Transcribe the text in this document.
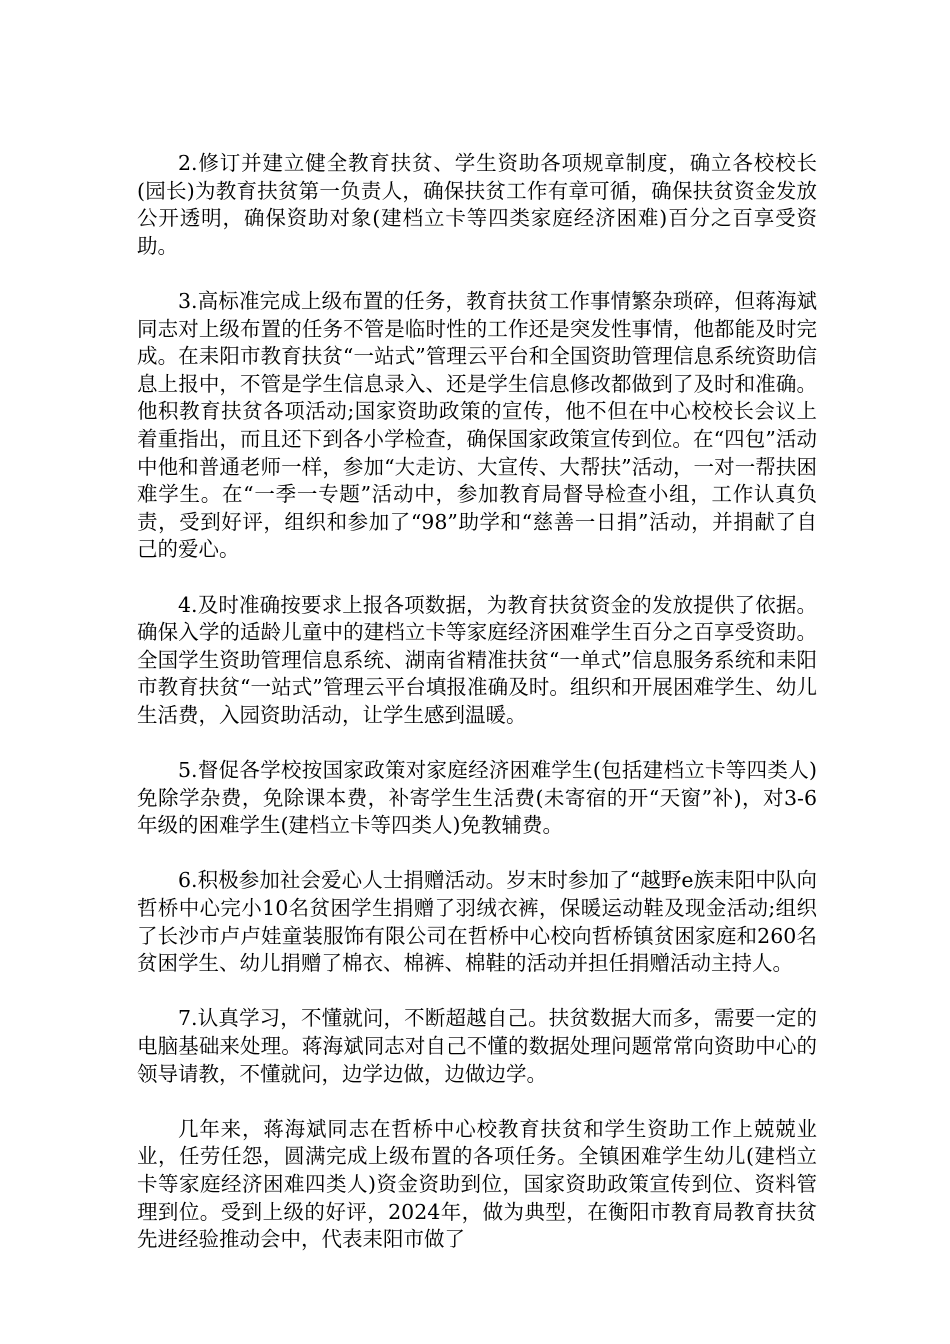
2.修订并建立健全教育扶贫、学生资助各项规章制度，确立各校校长(园长)为教育扶贫第一负责人，确保扶贫工作有章可循，确保扶贫资金发放公开透明，确保资助对象(建档立卡等四类家庭经济困难)百分之百享受资助。

3.高标准完成上级布置的任务，教育扶贫工作事情繁杂琐碎，但蒋海斌同志对上级布置的任务不管是临时性的工作还是突发性事情，他都能及时完成。在耒阳市教育扶贫“一站式”管理云平台和全国资助管理信息系统资助信息上报中，不管是学生信息录入、还是学生信息修改都做到了及时和准确。他积教育扶贫各项活动;国家资助政策的宣传，他不但在中心校校长会议上着重指出，而且还下到各小学检查，确保国家政策宣传到位。在“四包”活动中他和普通老师一样，参加“大走访、大宣传、大帮扶”活动，一对一帮扶困难学生。在“一季一专题”活动中，参加教育局督导检查小组，工作认真负责，受到好评，组织和参加了“98”助学和“慈善一日捐”活动，并捐献了自己的爱心。

4.及时准确按要求上报各项数据，为教育扶贫资金的发放提供了依据。确保入学的适龄儿童中的建档立卡等家庭经济困难学生百分之百享受资助。全国学生资助管理信息系统、湖南省精准扶贫“一单式”信息服务系统和耒阳市教育扶贫“一站式”管理云平台填报准确及时。组织和开展困难学生、幼儿生活费，入园资助活动，让学生感到温暖。

5.督促各学校按国家政策对家庭经济困难学生(包括建档立卡等四类人)免除学杂费，免除课本费，补寄学生生活费(未寄宿的开“天窗”补)，对3-6年级的困难学生(建档立卡等四类人)免教辅费。

6.积极参加社会爱心人士捐赠活动。岁末时参加了“越野e族耒阳中队向哲桥中心完小10名贫困学生捐赠了羽绒衣裤，保暖运动鞋及现金活动;组织了长沙市卢卢娃童装服饰有限公司在哲桥中心校向哲桥镇贫困家庭和260名贫困学生、幼儿捐赠了棉衣、棉裤、棉鞋的活动并担任捐赠活动主持人。

7.认真学习，不懂就问，不断超越自己。扶贫数据大而多，需要一定的电脑基础来处理。蒋海斌同志对自己不懂的数据处理问题常常向资助中心的领导请教，不懂就问，边学边做，边做边学。

几年来，蒋海斌同志在哲桥中心校教育扶贫和学生资助工作上兢兢业业，任劳任怨，圆满完成上级布置的各项任务。全镇困难学生幼儿(建档立卡等家庭经济困难四类人)资金资助到位，国家资助政策宣传到位、资料管理到位。受到上级的好评，2024年，做为典型，在衡阳市教育局教育扶贫先进经验推动会中，代表耒阳市做了
